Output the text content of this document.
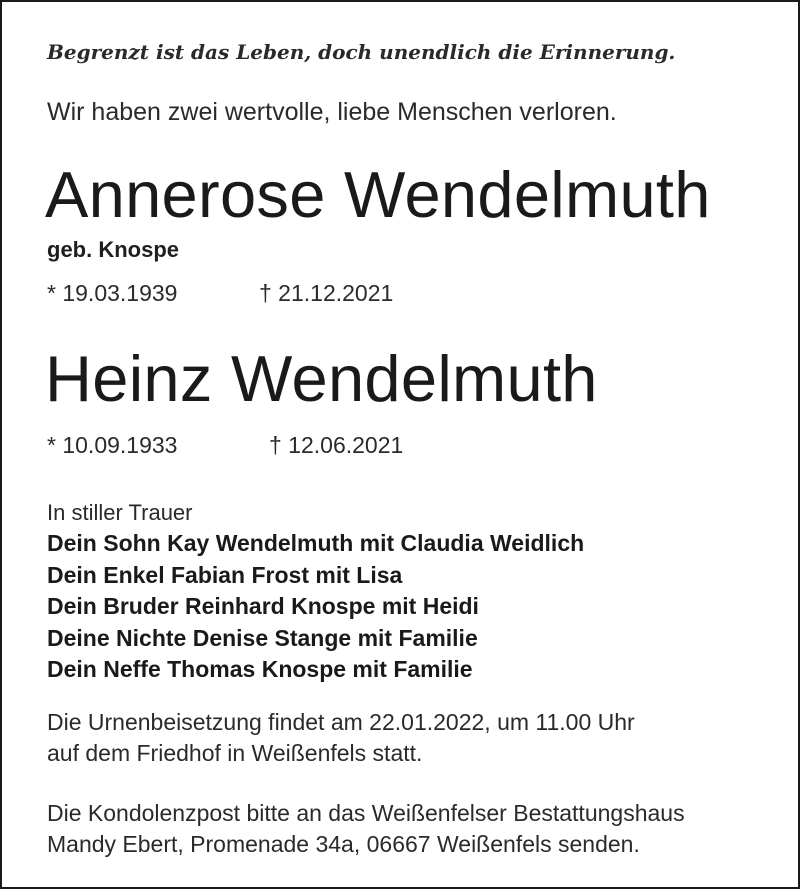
Begrenzt ist das Leben, doch unendlich die Erinnerung.
Wir haben zwei wertvolle, liebe Menschen verloren.
Annerose Wendelmuth
geb. Knospe
* 19.03.1939	† 21.12.2021
Heinz Wendelmuth
* 10.09.1933	† 12.06.2021
In stiller Trauer
Dein Sohn Kay Wendelmuth mit Claudia Weidlich
Dein Enkel Fabian Frost mit Lisa
Dein Bruder Reinhard Knospe mit Heidi
Deine Nichte Denise Stange mit Familie
Dein Neffe Thomas Knospe mit Familie
Die Urnenbeisetzung findet am 22.01.2022, um 11.00 Uhr
auf dem Friedhof in Weißenfels statt.
Die Kondolenzpost bitte an das Weißenfelser Bestattungshaus
Mandy Ebert, Promenade 34a, 06667 Weißenfels senden.
